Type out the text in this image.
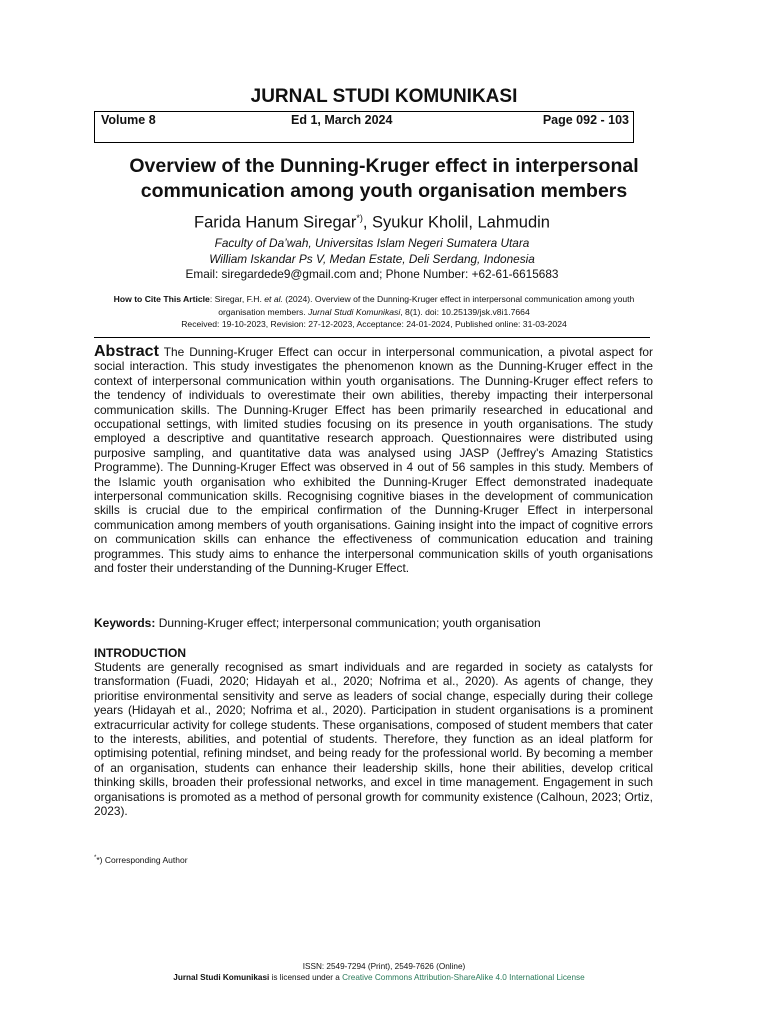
JURNAL STUDI KOMUNIKASI
Volume 8	Ed 1, March 2024	Page 092 - 103
Overview of the Dunning-Kruger effect in interpersonal
communication among youth organisation members
Farida Hanum Siregar*), Syukur Kholil, Lahmudin
Faculty of Da’wah, Universitas Islam Negeri Sumatera Utara
William Iskandar Ps V, Medan Estate, Deli Serdang, Indonesia
Email: siregardede9@gmail.com and; Phone Number: +62-61-6615683
How to Cite This Article: Siregar, F.H. et al. (2024). Overview of the Dunning-Kruger effect in interpersonal communication among youth organisation members. Jurnal Studi Komunikasi, 8(1). doi: 10.25139/jsk.v8i1.7664
Received: 19-10-2023, Revision: 27-12-2023, Acceptance: 24-01-2024, Published online: 31-03-2024
Abstract The Dunning-Kruger Effect can occur in interpersonal communication, a pivotal aspect for social interaction. This study investigates the phenomenon known as the Dunning-Kruger effect in the context of interpersonal communication within youth organisations. The Dunning-Kruger effect refers to the tendency of individuals to overestimate their own abilities, thereby impacting their interpersonal communication skills. The Dunning-Kruger Effect has been primarily researched in educational and occupational settings, with limited studies focusing on its presence in youth organisations. The study employed a descriptive and quantitative research approach. Questionnaires were distributed using purposive sampling, and quantitative data was analysed using JASP (Jeffrey's Amazing Statistics Programme). The Dunning-Kruger Effect was observed in 4 out of 56 samples in this study. Members of the Islamic youth organisation who exhibited the Dunning-Kruger Effect demonstrated inadequate interpersonal communication skills. Recognising cognitive biases in the development of communication skills is crucial due to the empirical confirmation of the Dunning-Kruger Effect in interpersonal communication among members of youth organisations. Gaining insight into the impact of cognitive errors on communication skills can enhance the effectiveness of communication education and training programmes. This study aims to enhance the interpersonal communication skills of youth organisations and foster their understanding of the Dunning-Kruger Effect.
Keywords: Dunning-Kruger effect; interpersonal communication; youth organisation
INTRODUCTION
Students are generally recognised as smart individuals and are regarded in society as catalysts for transformation (Fuadi, 2020; Hidayah et al., 2020; Nofrima et al., 2020). As agents of change, they prioritise environmental sensitivity and serve as leaders of social change, especially during their college years (Hidayah et al., 2020; Nofrima et al., 2020). Participation in student organisations is a prominent extracurricular activity for college students. These organisations, composed of student members that cater to the interests, abilities, and potential of students. Therefore, they function as an ideal platform for optimising potential, refining mindset, and being ready for the professional world. By becoming a member of an organisation, students can enhance their leadership skills, hone their abilities, develop critical thinking skills, broaden their professional networks, and excel in time management. Engagement in such organisations is promoted as a method of personal growth for community existence (Calhoun, 2023; Ortiz, 2023).
**) Corresponding Author
ISSN: 2549-7294 (Print), 2549-7626 (Online)
Jurnal Studi Komunikasi is licensed under a Creative Commons Attribution-ShareAlike 4.0 International License
